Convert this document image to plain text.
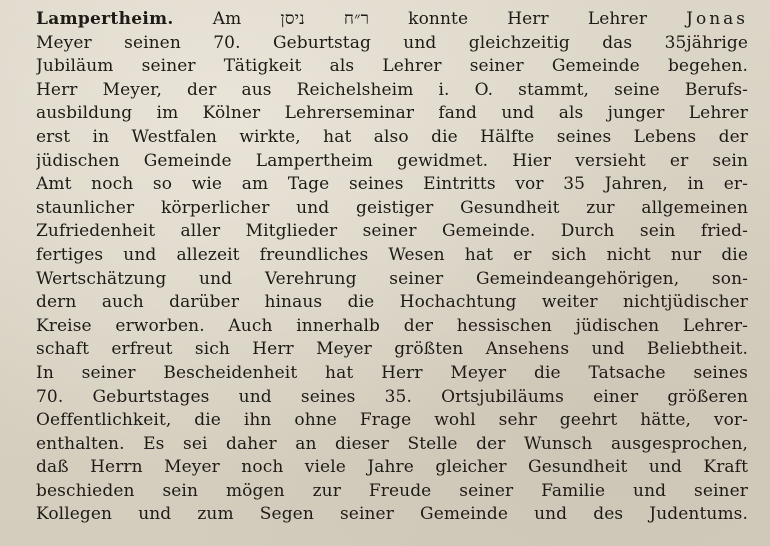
Lampertheim. Am ר״ח ניסן konnte Herr Lehrer Jonas
Meyer seinen 70. Geburtstag und gleichzeitig das 35jährige
Jubiläum seiner Tätigkeit als Lehrer seiner Gemeinde begehen.
Herr Meyer, der aus Reichelsheim i. O. stammt, seine Berufs-
ausbildung im Kölner Lehrerseminar fand und als junger Lehrer
erst in Westfalen wirkte, hat also die Hälfte seines Lebens der
jüdischen Gemeinde Lampertheim gewidmet. Hier versieht er sein
Amt noch so wie am Tage seines Eintritts vor 35 Jahren, in er-
staunlicher körperlicher und geistiger Gesundheit zur allgemeinen
Zufriedenheit aller Mitglieder seiner Gemeinde. Durch sein fried-
fertiges und allezeit freundliches Wesen hat er sich nicht nur die
Wertschätzung und Verehrung seiner Gemeindeangehörigen, son-
dern auch darüber hinaus die Hochachtung weiter nichtjüdischer
Kreise erworben. Auch innerhalb der hessischen jüdischen Lehrer-
schaft erfreut sich Herr Meyer größten Ansehens und Beliebtheit.
In seiner Bescheidenheit hat Herr Meyer die Tatsache seines
70. Geburtstages und seines 35. Ortsjubiläums einer größeren
Oeffentlichkeit, die ihn ohne Frage wohl sehr geehrt hätte, vor-
enthalten. Es sei daher an dieser Stelle der Wunsch ausgesprochen,
daß Herrn Meyer noch viele Jahre gleicher Gesundheit und Kraft
beschieden sein mögen zur Freude seiner Familie und seiner
Kollegen und zum Segen seiner Gemeinde und des Judentums.
